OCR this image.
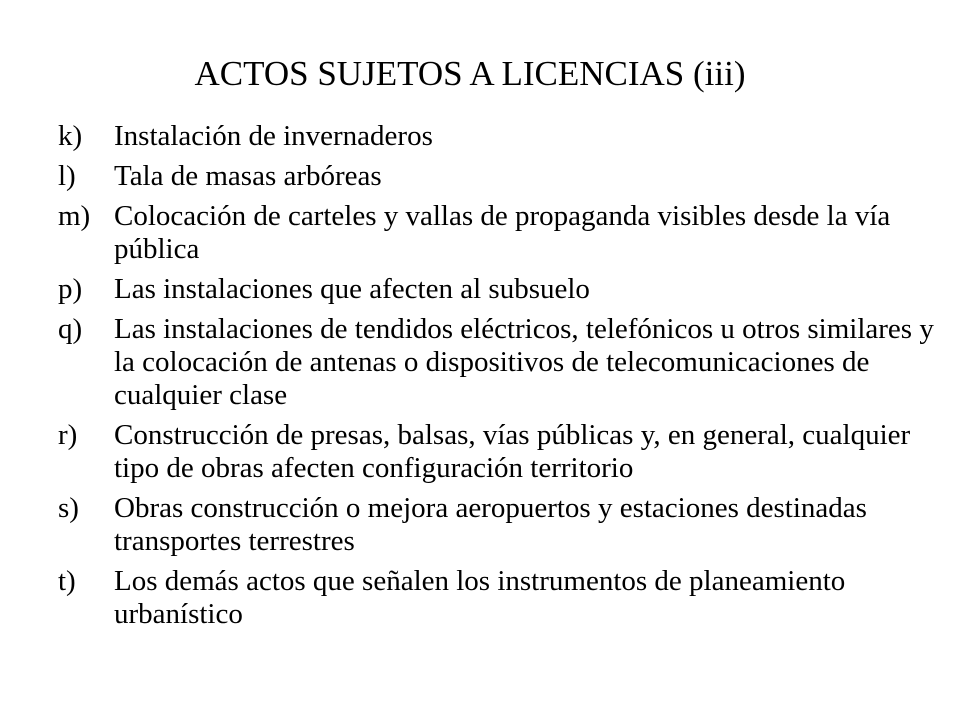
ACTOS SUJETOS A LICENCIAS (iii)
k)	Instalación de invernaderos
l)	Tala de masas arbóreas
m) Colocación de carteles y vallas de propaganda visibles desde la vía pública
p)	Las instalaciones que afecten al subsuelo
q)	Las instalaciones de tendidos eléctricos, telefónicos u otros similares y la colocación de antenas o dispositivos de telecomunicaciones de cualquier clase
r)	Construcción de presas, balsas, vías públicas y, en general, cualquier tipo de obras afecten configuración territorio
s)	Obras construcción o mejora aeropuertos y estaciones destinadas transportes terrestres
t)	Los demás actos que señalen los instrumentos de planeamiento urbanístico
